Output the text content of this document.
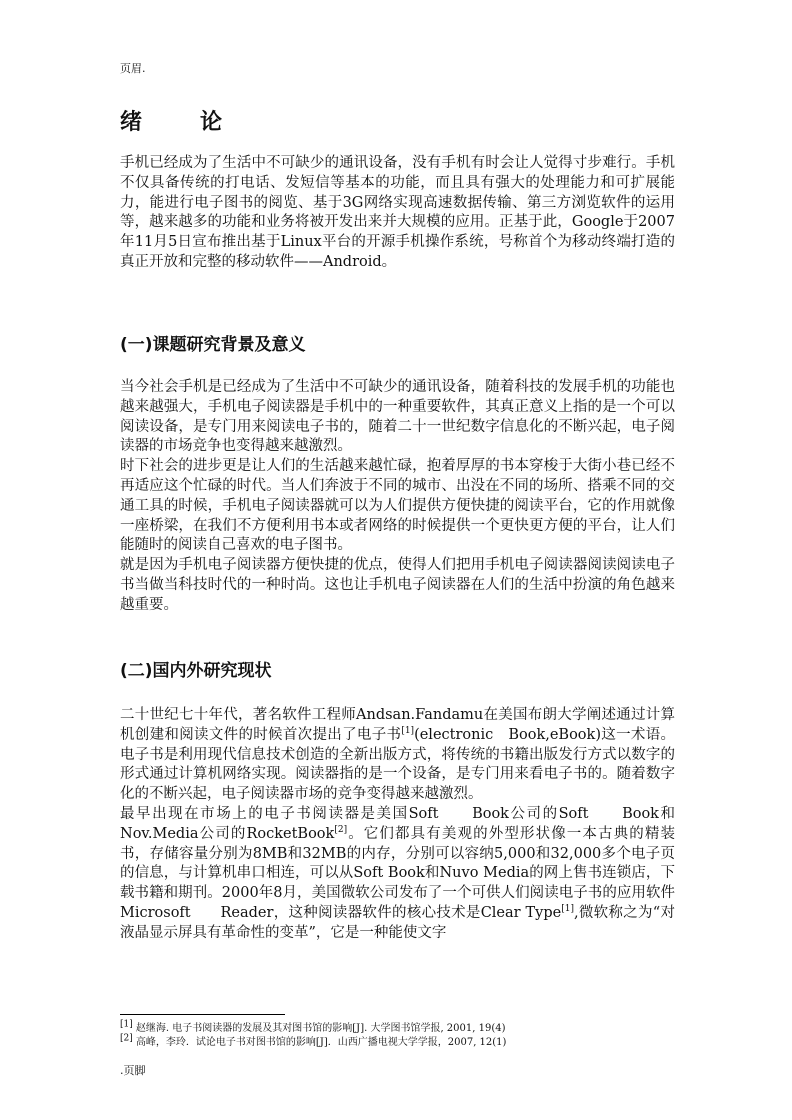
页眉.
绪　论

手机已经成为了生活中不可缺少的通讯设备，没有手机有时会让人觉得寸步难行。手机不仅具备传统的打电话、发短信等基本的功能，而且具有强大的处理能力和可扩展能力，能进行电子图书的阅览、基于3G网络实现高速数据传输、第三方浏览软件的运用等，越来越多的功能和业务将被开发出来并大规模的应用。正基于此，Google于2007年11月5日宣布推出基于Linux平台的开源手机操作系统，号称首个为移动终端打造的真正开放和完整的移动软件——Android。

(一)课题研究背景及意义

当今社会手机是已经成为了生活中不可缺少的通讯设备，随着科技的发展手机的功能也越来越强大，手机电子阅读器是手机中的一种重要软件，其真正意义上指的是一个可以阅读设备，是专门用来阅读电子书的，随着二十一世纪数字信息化的不断兴起，电子阅读器的市场竞争也变得越来越激烈。

时下社会的进步更是让人们的生活越来越忙碌，抱着厚厚的书本穿梭于大街小巷已经不再适应这个忙碌的时代。当人们奔波于不同的城市、出没在不同的场所、搭乘不同的交通工具的时候，手机电子阅读器就可以为人们提供方便快捷的阅读平台，它的作用就像一座桥梁，在我们不方便利用书本或者网络的时候提供一个更快更方便的平台，让人们能随时的阅读自己喜欢的电子图书。

就是因为手机电子阅读器方便快捷的优点，使得人们把用手机电子阅读器阅读阅读电子书当做当科技时代的一种时尚。这也让手机电子阅读器在人们的生活中扮演的角色越来越重要。

(二)国内外研究现状

二十世纪七十年代，著名软件工程师Andsan.Fandamu在美国布朗大学阐述通过计算机创建和阅读文件的时候首次提出了电子书[1](electronic　Book,eBook)这一术语。电子书是利用现代信息技术创造的全新出版方式，将传统的书籍出版发行方式以数字的形式通过计算机网络实现。阅读器指的是一个设备，是专门用来看电子书的。随着数字化的不断兴起，电子阅读器市场的竞争变得越来越激烈。

最早出现在市场上的电子书阅读器是美国Soft　　Book公司的Soft　　Book和Nov.Media公司的RocketBook[2]。它们都具有美观的外型形状像一本古典的精装书，存储容量分别为8MB和32MB的内存，分别可以容纳5,000和32,000多个电子页的信息，与计算机串口相连，可以从Soft Book和Nuvo Media的网上售书连锁店，下载书籍和期刊。2000年8月，美国微软公司发布了一个可供人们阅读电子书的应用软件Microsoft　　Reader，这种阅读器软件的核心技术是Clear Type[1],微软称之为“对液晶显示屏具有革命性的变革”，它是一种能使文字

[1] 赵继海. 电子书阅读器的发展及其对图书馆的影响[J]. 大学图书馆学报, 2001, 19(4)
[2] 高峰，李玲．试论电子书对图书馆的影响[J]．山西广播电视大学学报，2007, 12(1)
.页脚
